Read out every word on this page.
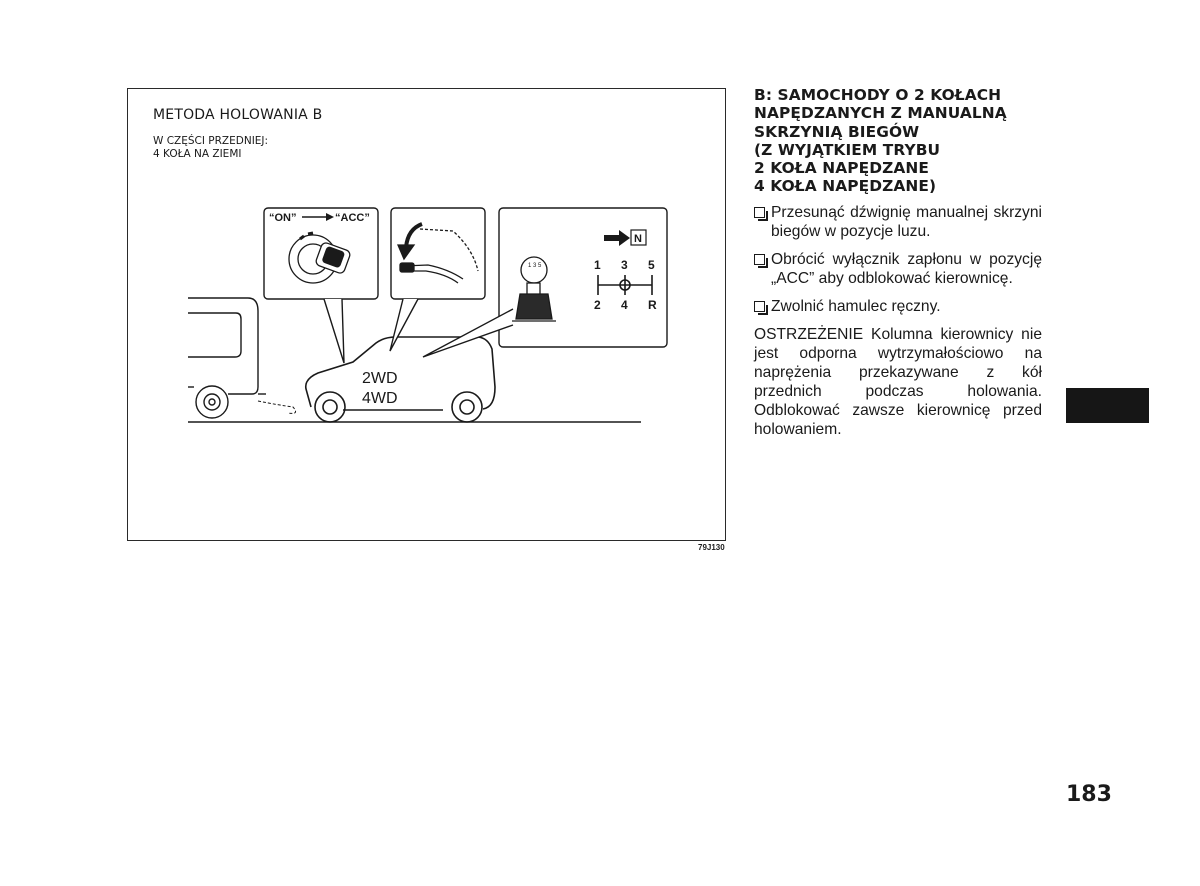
METODA HOLOWANIA B
W CZĘŚCI PRZEDNIEJ:
4 KOŁA NA ZIEMI
2WD
4WD
“ON”	“ACC”
1 3 5
N
1 3 5
2 4 R
79J130
B: SAMOCHODY O 2 KOŁACH
NAPĘDZANYCH Z MANUALNĄ
SKRZYNIĄ BIEGÓW
(Z WYJĄTKIEM TRYBU
2 KOŁA NAPĘDZANE
4 KOŁA NAPĘDZANE)
Przesunąć dźwignię manualnej skrzyni biegów w pozycje luzu.
Obrócić wyłącznik zapłonu w pozycję „ACC” aby odblokować kierownicę.
Zwolnić hamulec ręczny.
OSTRZEŻENIE Kolumna kierownicy nie jest odporna wytrzymałościowo na naprężenia przekazywane z kół przednich podczas holowania. Odblokować zawsze kierownicę przed holowaniem.
183
